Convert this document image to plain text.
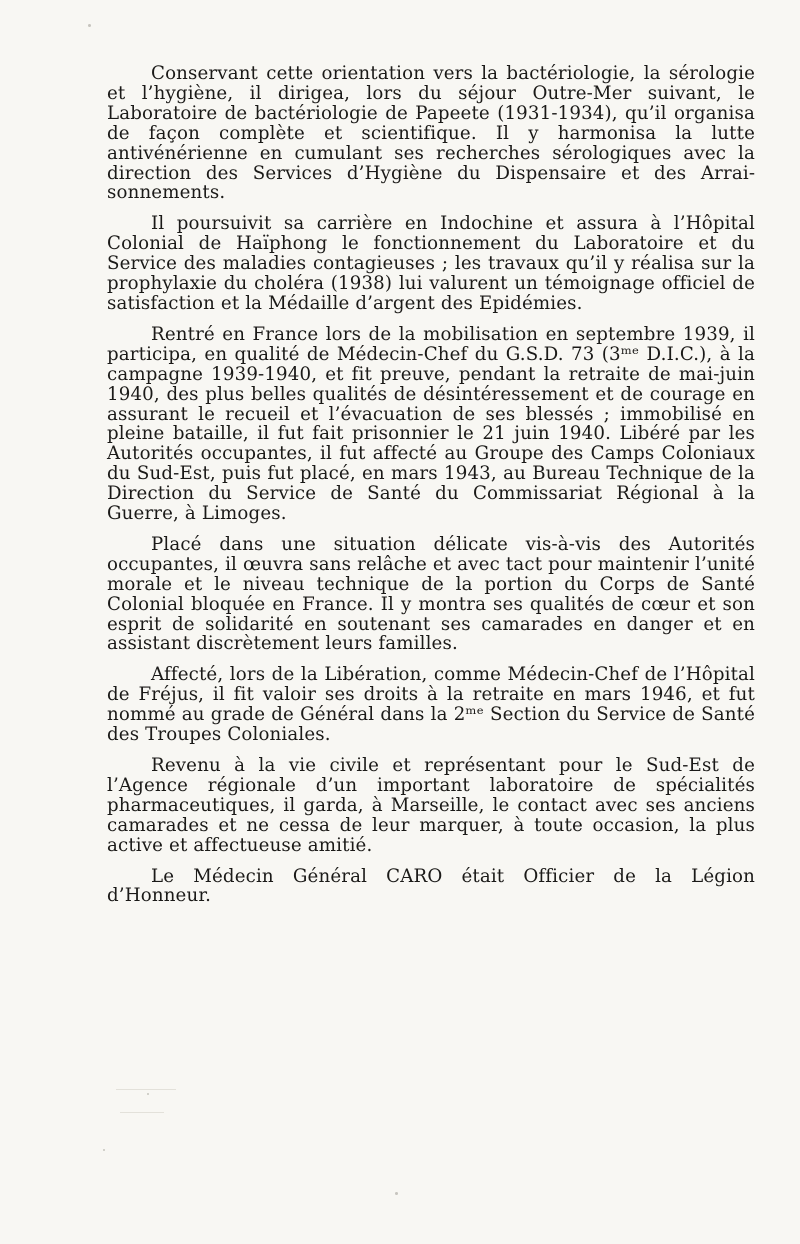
Conservant cette orientation vers la bactériologie, la sérologie et l’hygiène, il dirigea, lors du séjour Outre-Mer suivant, le Laboratoire de bactériologie de Papeete (1931-1934), qu’il organisa de façon complète et scientifique. Il y harmonisa la lutte antivénérienne en cumulant ses recherches sérologiques avec la direction des Services d’Hygiène du Dispensaire et des Arraisonnements.

Il poursuivit sa carrière en Indochine et assura à l’Hôpital Colonial de Haïphong le fonctionnement du Laboratoire et du Service des maladies contagieuses ; les travaux qu’il y réalisa sur la prophylaxie du choléra (1938) lui valurent un témoignage officiel de satisfaction et la Médaille d’argent des Epidémies.

Rentré en France lors de la mobilisation en septembre 1939, il participa, en qualité de Médecin-Chef du G.S.D. 73 (3ᵐᵉ D.I.C.), à la campagne 1939-1940, et fit preuve, pendant la retraite de mai-juin 1940, des plus belles qualités de désintéressement et de courage en assurant le recueil et l’évacuation de ses blessés ; immobilisé en pleine bataille, il fut fait prisonnier le 21 juin 1940. Libéré par les Autorités occupantes, il fut affecté au Groupe des Camps Coloniaux du Sud-Est, puis fut placé, en mars 1943, au Bureau Technique de la Direction du Service de Santé du Commissariat Régional à la Guerre, à Limoges.

Placé dans une situation délicate vis-à-vis des Autorités occupantes, il œuvra sans relâche et avec tact pour maintenir l’unité morale et le niveau technique de la portion du Corps de Santé Colonial bloquée en France. Il y montra ses qualités de cœur et son esprit de solidarité en soutenant ses camarades en danger et en assistant discrètement leurs familles.

Affecté, lors de la Libération, comme Médecin-Chef de l’Hôpital de Fréjus, il fit valoir ses droits à la retraite en mars 1946, et fut nommé au grade de Général dans la 2ᵐᵉ Section du Service de Santé des Troupes Coloniales.

Revenu à la vie civile et représentant pour le Sud-Est de l’Agence régionale d’un important laboratoire de spécialités pharmaceutiques, il garda, à Marseille, le contact avec ses anciens camarades et ne cessa de leur marquer, à toute occasion, la plus active et affectueuse amitié.

Le Médecin Général CARO était Officier de la Légion d’Honneur.
